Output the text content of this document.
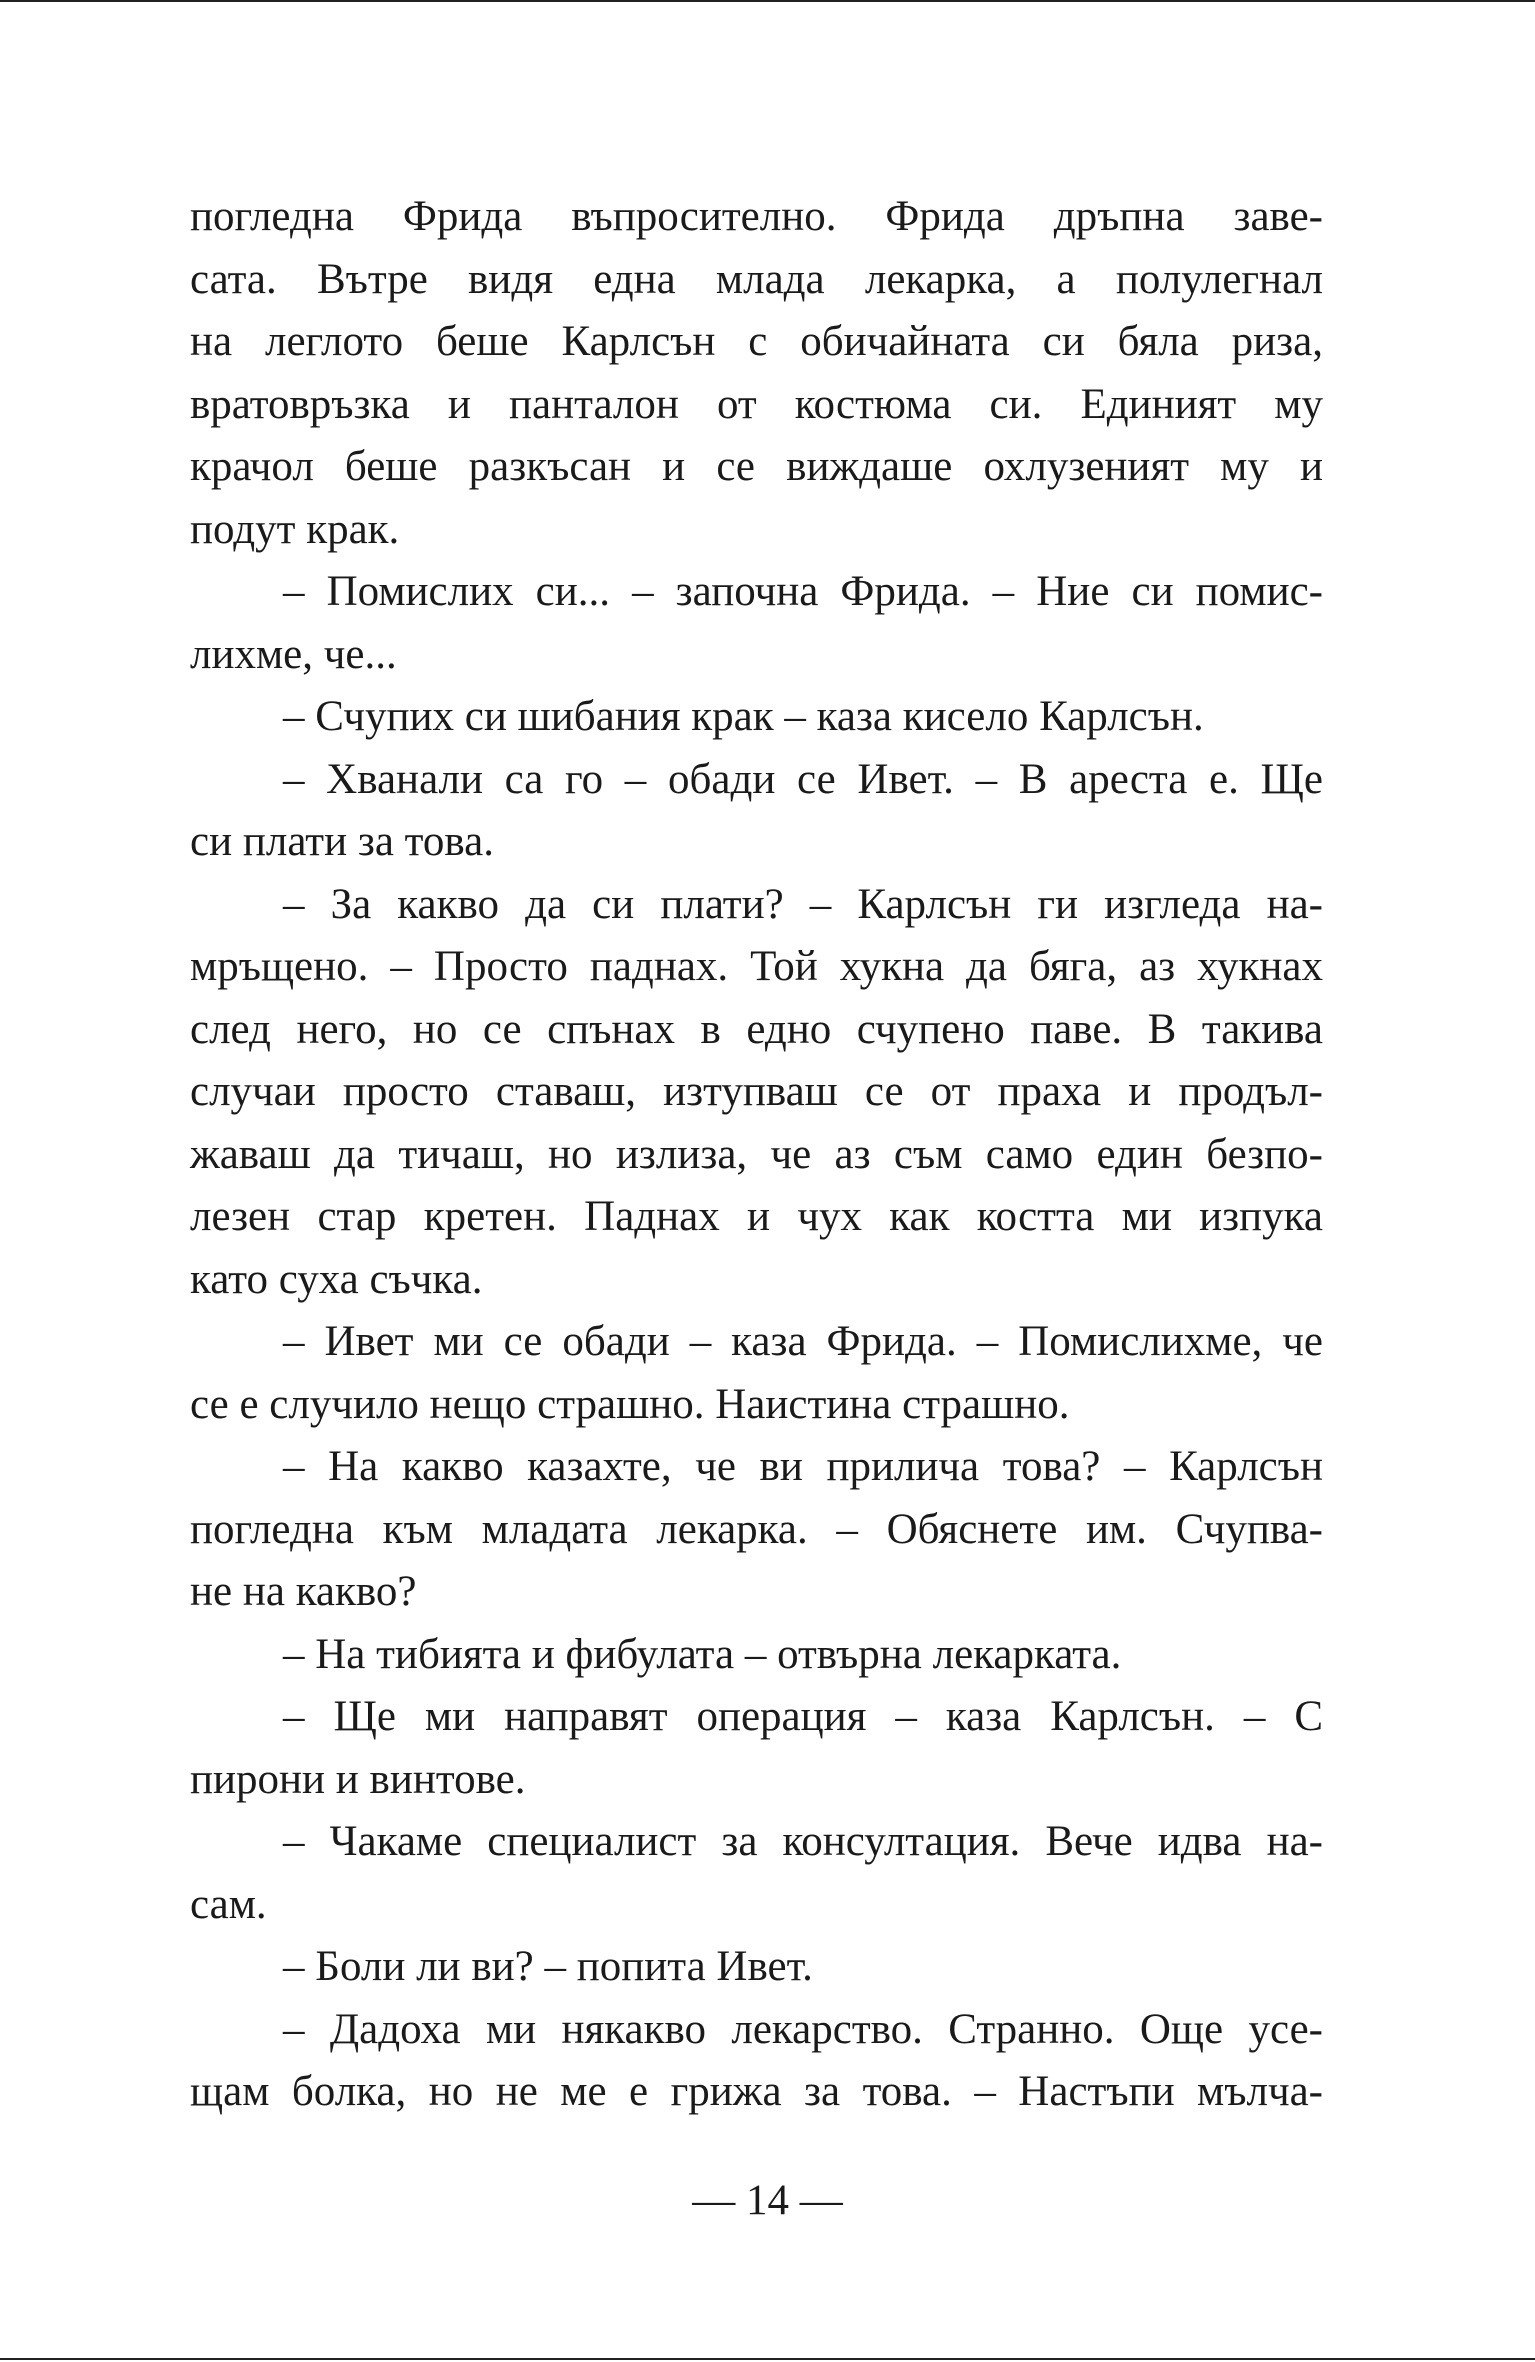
погледна Фрида въпросително. Фрида дръпна заве-
сата. Вътре видя една млада лекарка, а полулегнал
на леглото беше Карлсън с обичайната си бяла риза,
вратовръзка и панталон от костюма си. Единият му
крачол беше разкъсан и се виждаше охлузеният му и
подут крак.
– Помислих си... – започна Фрида. – Ние си помис-
лихме, че...
– Счупих си шибания крак – каза кисело Карлсън.
– Хванали са го – обади се Ивет. – В ареста е. Ще
си плати за това.
– За какво да си плати? – Карлсън ги изгледа на-
мръщено. – Просто паднах. Той хукна да бяга, аз хукнах
след него, но се спънах в едно счупено паве. В такива
случаи просто ставаш, изтупваш се от праха и продъл-
жаваш да тичаш, но излиза, че аз съм само един безпо-
лезен стар кретен. Паднах и чух как костта ми изпука
като суха съчка.
– Ивет ми се обади – каза Фрида. – Помислихме, че
се е случило нещо страшно. Наистина страшно.
– На какво казахте, че ви прилича това? – Карлсън
погледна към младата лекарка. – Обяснете им. Счупва-
не на какво?
– На тибията и фибулата – отвърна лекарката.
– Ще ми направят операция – каза Карлсън. – С
пирони и винтове.
– Чакаме специалист за консултация. Вече идва на-
сам.
– Боли ли ви? – попита Ивет.
– Дадоха ми някакво лекарство. Странно. Още усе-
щам болка, но не ме е грижа за това. – Настъпи мълча-
— 14 —
